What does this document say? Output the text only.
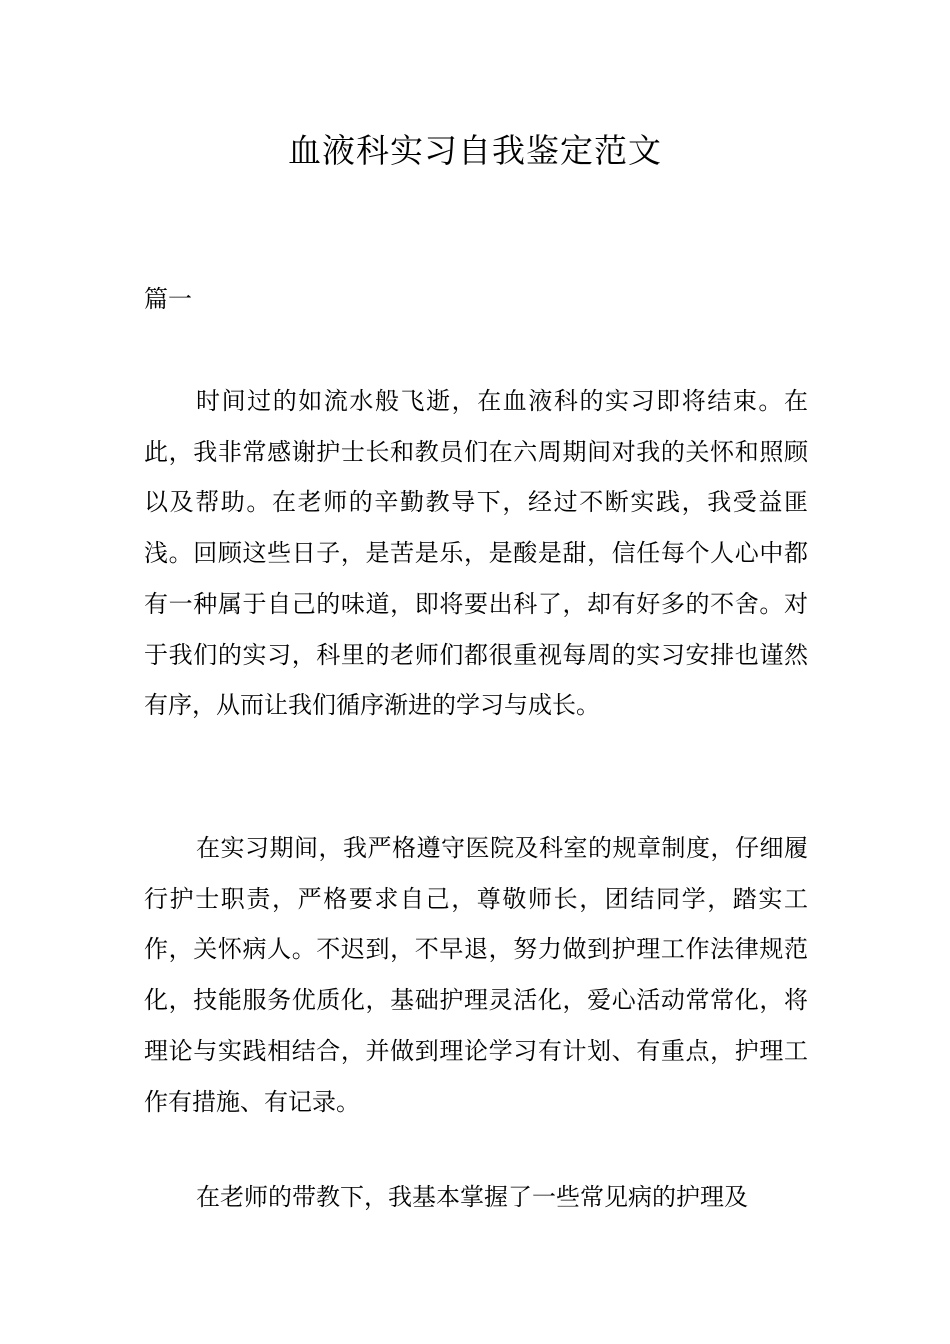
血液科实习自我鉴定范文

篇一

时间过的如流水般飞逝，在血液科的实习即将结束。在此，我非常感谢护士长和教员们在六周期间对我的关怀和照顾以及帮助。在老师的辛勤教导下，经过不断实践，我受益匪浅。回顾这些日子，是苦是乐，是酸是甜，信任每个人心中都有一种属于自己的味道，即将要出科了，却有好多的不舍。对于我们的实习，科里的老师们都很重视每周的实习安排也谨然有序，从而让我们循序渐进的学习与成长。

在实习期间，我严格遵守医院及科室的规章制度，仔细履行护士职责，严格要求自己，尊敬师长，团结同学，踏实工作，关怀病人。不迟到，不早退，努力做到护理工作法律规范化，技能服务优质化，基础护理灵活化，爱心活动常常化，将理论与实践相结合，并做到理论学习有计划、有重点，护理工作有措施、有记录。

在老师的带教下，我基本掌握了一些常见病的护理及
